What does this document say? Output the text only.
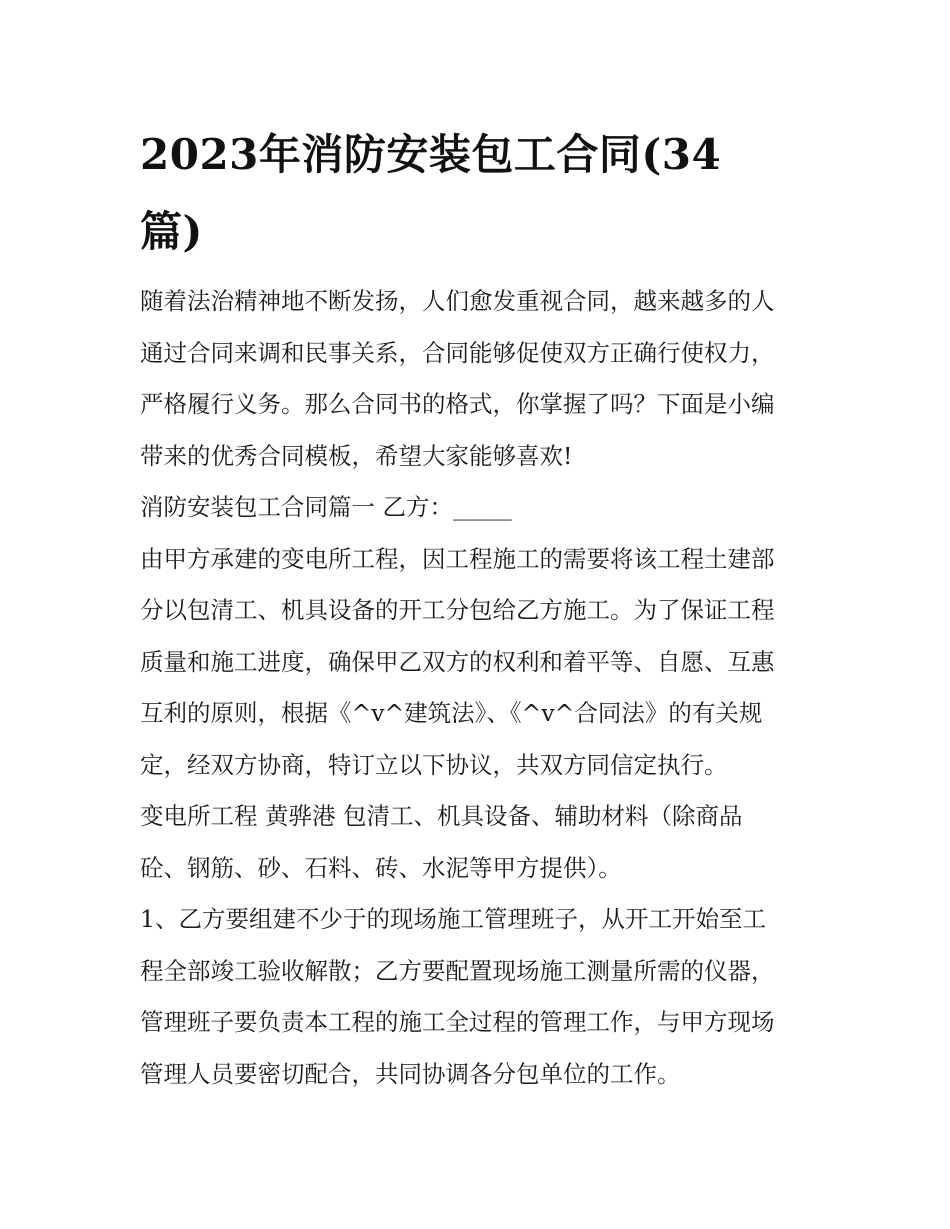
2023年消防安装包工合同(34
篇)
随着法治精神地不断发扬，人们愈发重视合同，越来越多的人
通过合同来调和民事关系，合同能够促使双方正确行使权力，
严格履行义务。那么合同书的格式，你掌握了吗？下面是小编
带来的优秀合同模板，希望大家能够喜欢!
消防安装包工合同篇一 乙方：_____
由甲方承建的变电所工程，因工程施工的需要将该工程土建部
分以包清工、机具设备的开工分包给乙方施工。为了保证工程
质量和施工进度，确保甲乙双方的权利和着平等、自愿、互惠
互利的原则，根据《^v^建筑法》、《^v^合同法》的有关规
定，经双方协商，特订立以下协议，共双方同信定执行。
变电所工程 黄骅港 包清工、机具设备、辅助材料（除商品
砼、钢筋、砂、石料、砖、水泥等甲方提供）。
1、乙方要组建不少于的现场施工管理班子，从开工开始至工
程全部竣工验收解散；乙方要配置现场施工测量所需的仪器，
管理班子要负责本工程的施工全过程的管理工作，与甲方现场
管理人员要密切配合，共同协调各分包单位的工作。
